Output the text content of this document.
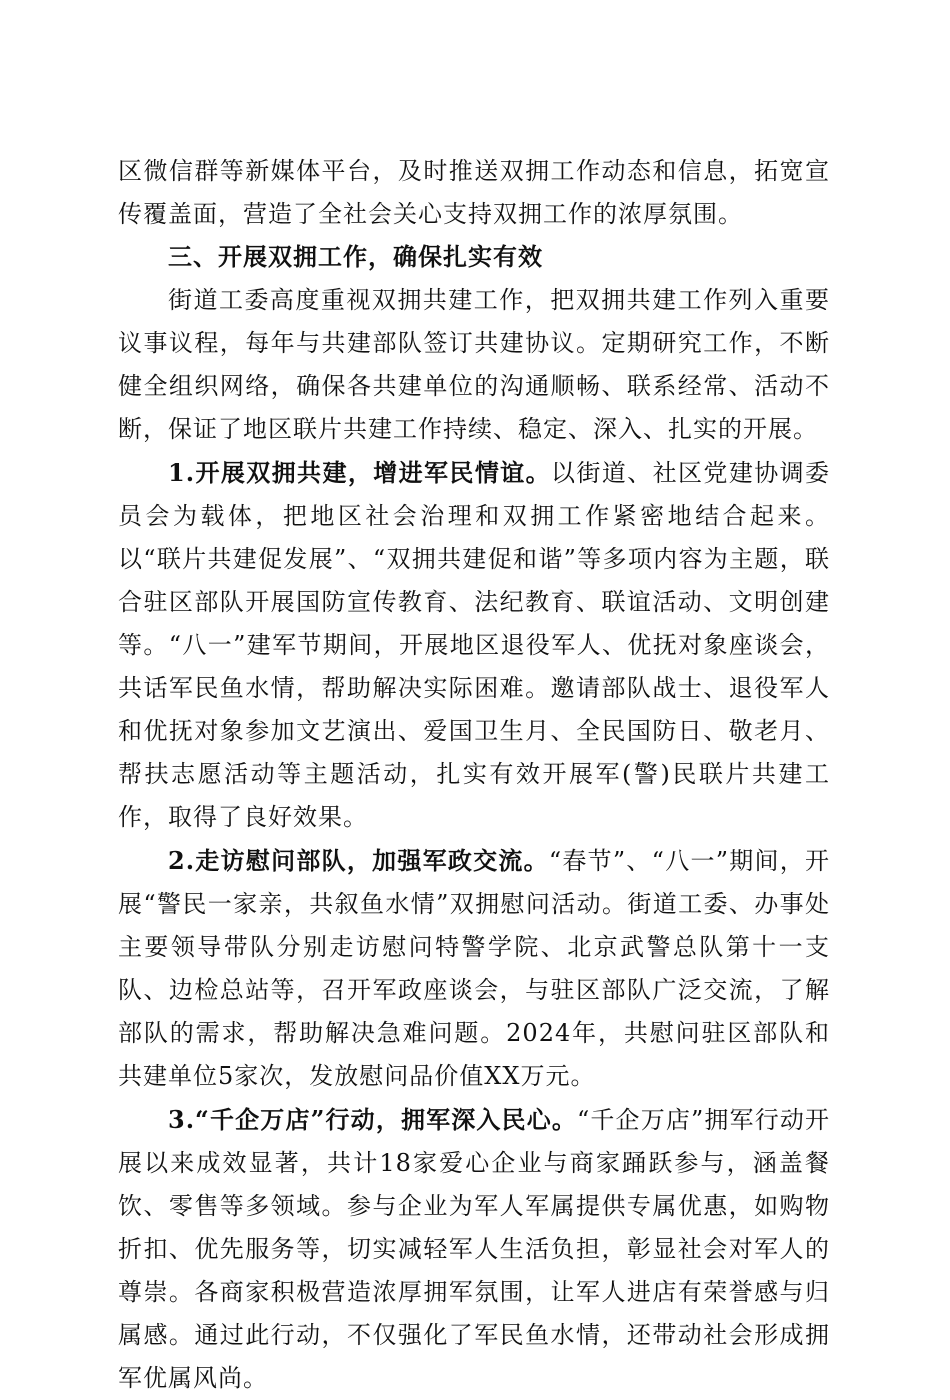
区微信群等新媒体平台，及时推送双拥工作动态和信息，拓宽宣传覆盖面，营造了全社会关心支持双拥工作的浓厚氛围。

三、开展双拥工作，确保扎实有效

街道工委高度重视双拥共建工作，把双拥共建工作列入重要议事议程，每年与共建部队签订共建协议。定期研究工作，不断健全组织网络，确保各共建单位的沟通顺畅、联系经常、活动不断，保证了地区联片共建工作持续、稳定、深入、扎实的开展。

1.开展双拥共建，增进军民情谊。以街道、社区党建协调委员会为载体，把地区社会治理和双拥工作紧密地结合起来。以“联片共建促发展”、“双拥共建促和谐”等多项内容为主题，联合驻区部队开展国防宣传教育、法纪教育、联谊活动、文明创建等。“八一”建军节期间，开展地区退役军人、优抚对象座谈会，共话军民鱼水情，帮助解决实际困难。邀请部队战士、退役军人和优抚对象参加文艺演出、爱国卫生月、全民国防日、敬老月、帮扶志愿活动等主题活动，扎实有效开展军(警)民联片共建工作，取得了良好效果。

2.走访慰问部队，加强军政交流。“春节”、“八一”期间，开展“警民一家亲，共叙鱼水情”双拥慰问活动。街道工委、办事处主要领导带队分别走访慰问特警学院、北京武警总队第十一支队、边检总站等，召开军政座谈会，与驻区部队广泛交流，了解部队的需求，帮助解决急难问题。2024年，共慰问驻区部队和共建单位5家次，发放慰问品价值XX万元。

3.“千企万店”行动，拥军深入民心。“千企万店”拥军行动开展以来成效显著，共计18家爱心企业与商家踊跃参与，涵盖餐饮、零售等多领域。参与企业为军人军属提供专属优惠，如购物折扣、优先服务等，切实减轻军人生活负担，彰显社会对军人的尊崇。各商家积极营造浓厚拥军氛围，让军人进店有荣誉感与归属感。通过此行动，不仅强化了军民鱼水情，还带动社会形成拥军优属风尚。
